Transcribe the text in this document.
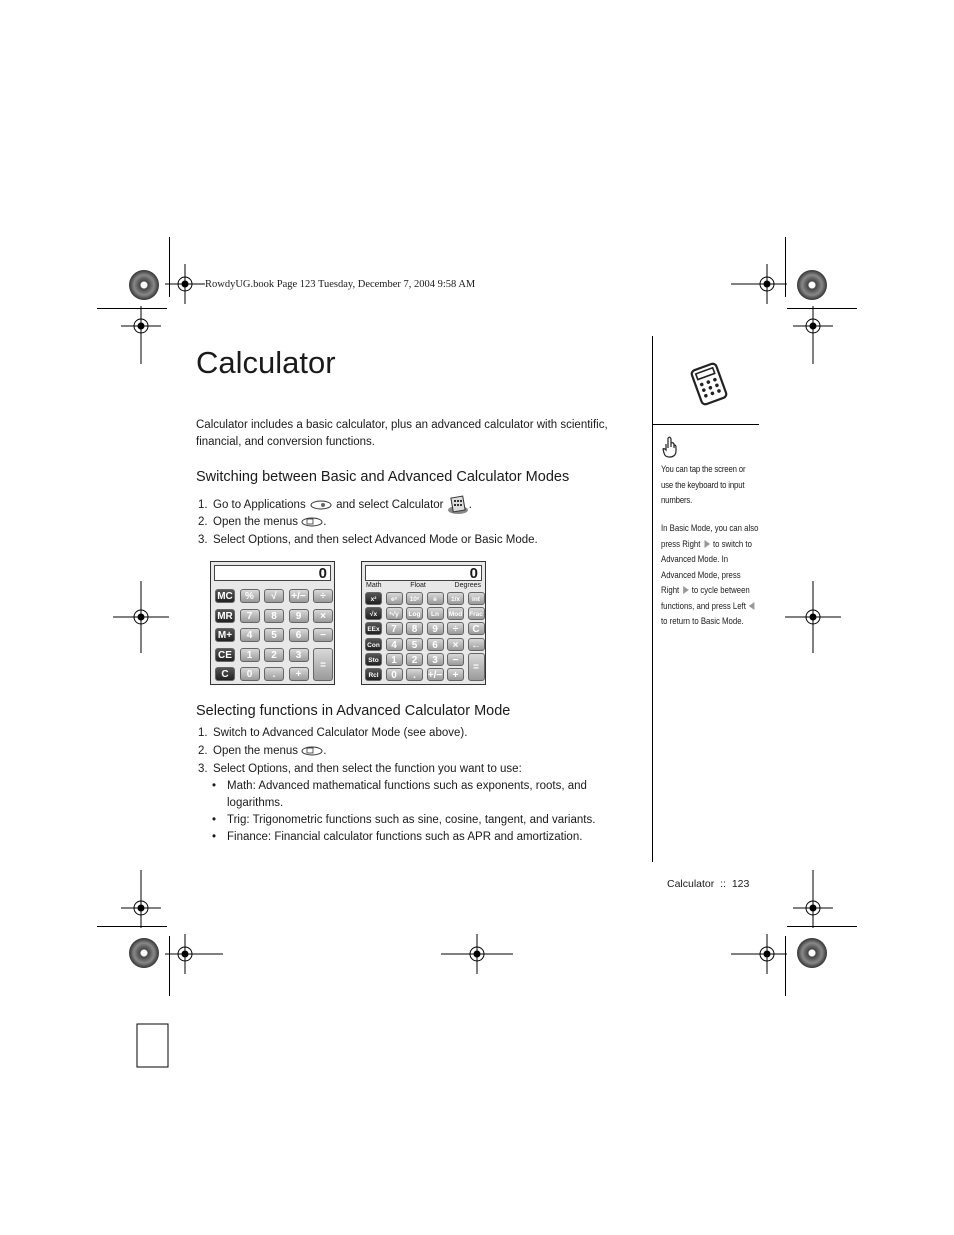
RowdyUG.book Page 123 Tuesday, December 7, 2004 9:58 AM
Calculator
Calculator includes a basic calculator, plus an advanced calculator with scientific, financial, and conversion functions.
Switching between Basic and Advanced Calculator Modes
1. Go to Applications	and select Calculator .
2. Open the menus .
3. Select Options, and then select Advanced Mode or Basic Mode.
0
MC	%	√	+/−	÷
MR	7	8	9	×
M+	4	5	6	−
CE	1	2	3
=
C	0	.	+
0
Math	Float	Degrees
x²	eˣ	10ˣ	e	1/x	int
√x	ˣ√y	Log	Ln	Mod Frac
EEx	7	8	9	÷	C
Con	4	5	6	×	←
Sto	1	2	3	−
=
Rcl	0	.	+/−	+
Selecting functions in Advanced Calculator Mode
1. Switch to Advanced Calculator Mode (see above).
2. Open the menus .
3. Select Options, and then select the function you want to use:
• Math: Advanced mathematical functions such as exponents, roots, and logarithms.
• Trig: Trigonometric functions such as sine, cosine, tangent, and variants.
• Finance: Financial calculator functions such as APR and amortization.
You can tap the screen or use the keyboard to input numbers.
In Basic Mode, you can also press Right to switch to Advanced Mode. In Advanced Mode, press Right to cycle between functions, and press Left  to return to Basic Mode.
Calculator :: 123
